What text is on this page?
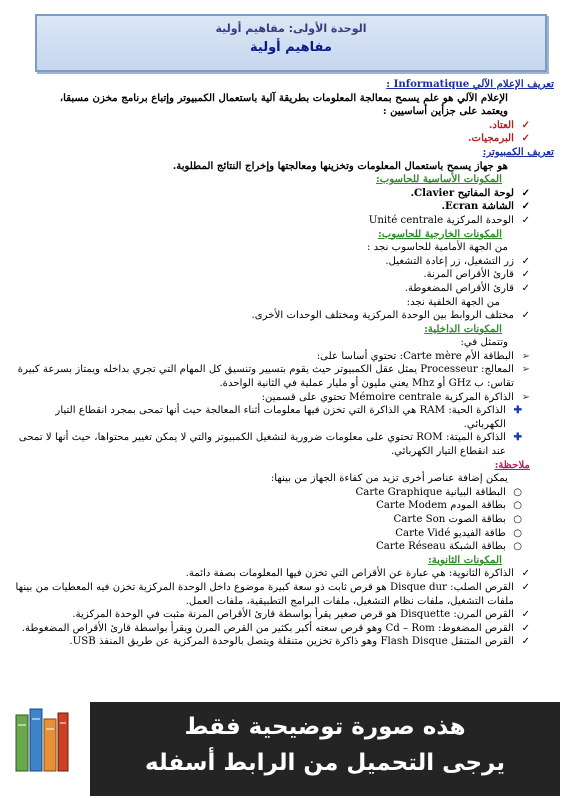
الوحدة الأولى: مفاهيم أولية
مفاهيم أولية
تعريف الإعلام الآلي Informatique :
الإعلام الآلي هو علم يسمح بمعالجة المعلومات بطريقة آلية باستعمال الكمبيوتر وإتباع برنامج مخزن مسبقا،
ويعتمد على جزأين أساسيين :
✓
العتاد.
✓
البرمجيات.
تعريف الكمبيوتر:
هو جهاز يسمح باستعمال المعلومات وتخزينها ومعالجتها وإخراج النتائج المطلوبة.
المكونات الأساسية للحاسوب:
✓
لوحة المفاتيح Clavier.
✓
الشاشة Ecran.
✓
الوحدة المركزية Unité centrale
المكونات الخارجية للحاسوب:
من الجهة الأمامية للحاسوب نجد :
✓
زر التشغيل، زر إعادة التشغيل.
✓
قارئ الأقراص المرنة.
✓
قارئ الأقراص المضغوطة.
من الجهة الخلفية نجد:
✓
مختلف الروابط بين الوحدة المركزية ومختلف الوحدات الأخرى.
المكونات الداخلية:
وتتمثل في:
➢
البطاقة الأم Carte mère: تحتوي أساسا على:
➢
المعالج: Processeur يمثل عقل الكمبيوتر حيث يقوم بتسيير وتنسيق كل المهام التي تجري بداخله ويمتاز بسرعة كبيرة تقاس: ب GHz أو Mhz يعني مليون أو مليار عملية في الثانية الواحدة.
➢
الذاكرة المركزية Mémoire centrale تحتوي على قسمين:
✚
الذاكرة الحية: RAM هي الذاكرة التي تخزن فيها معلومات أثناء المعالجة حيث أنها تمحى بمجرد انقطاع التيار الكهربائي.
✚
الذاكرة الميتة: ROM تحتوي على معلومات ضرورية لتشغيل الكمبيوتر والتي لا يمكن تغيير محتواها، حيث أنها لا تمحى عند انقطاع التيار الكهربائي.
ملاحظة:
يمكن إضافة عناصر أخرى تزيد من كفاءة الجهاز من بينها:
○
البطاقة البيانية Carte Graphique
○
بطاقة المودم Carte Modem
○
بطاقة الصوت Carte Son
○
طاقة الفيديو Carte Vidé
○
بطاقة الشبكة Carte Réseau
المكونات الثانوية:
✓
الذاكرة الثانوية: هي عبارة عن الأقراص التي تخزن فيها المعلومات بصفة دائمة.
✓
القرص الصلب: Disque dur هو قرص ثابت ذو سعة كبيرة موضوع داخل الوحدة المركزية تخزن فيه المعطيات من بينها ملفات التشغيل، ملفات نظام التشغيل، ملفات البرامج التطبيقية، ملفات العمل.
✓
القرص المرن: Disquette هو قرص صغير يقرأ بواسطة قارئ الأقراص المرنة مثبت في الوحدة المركزية.
✓
القرص المضغوط: Cd – Rom وهو قرص سعته أكبر بكثير من القرص المرن ويقرأ بواسطة قارئ الأقراص المضغوطة.
✓
القرص المتنقل Flash Disque وهو ذاكرة تخزين متنقلة ويتصل بالوحدة المركزية عن طريق المنفذ USB.
هذه صورة توضيحية فقط
يرجى التحميل من الرابط أسفله
